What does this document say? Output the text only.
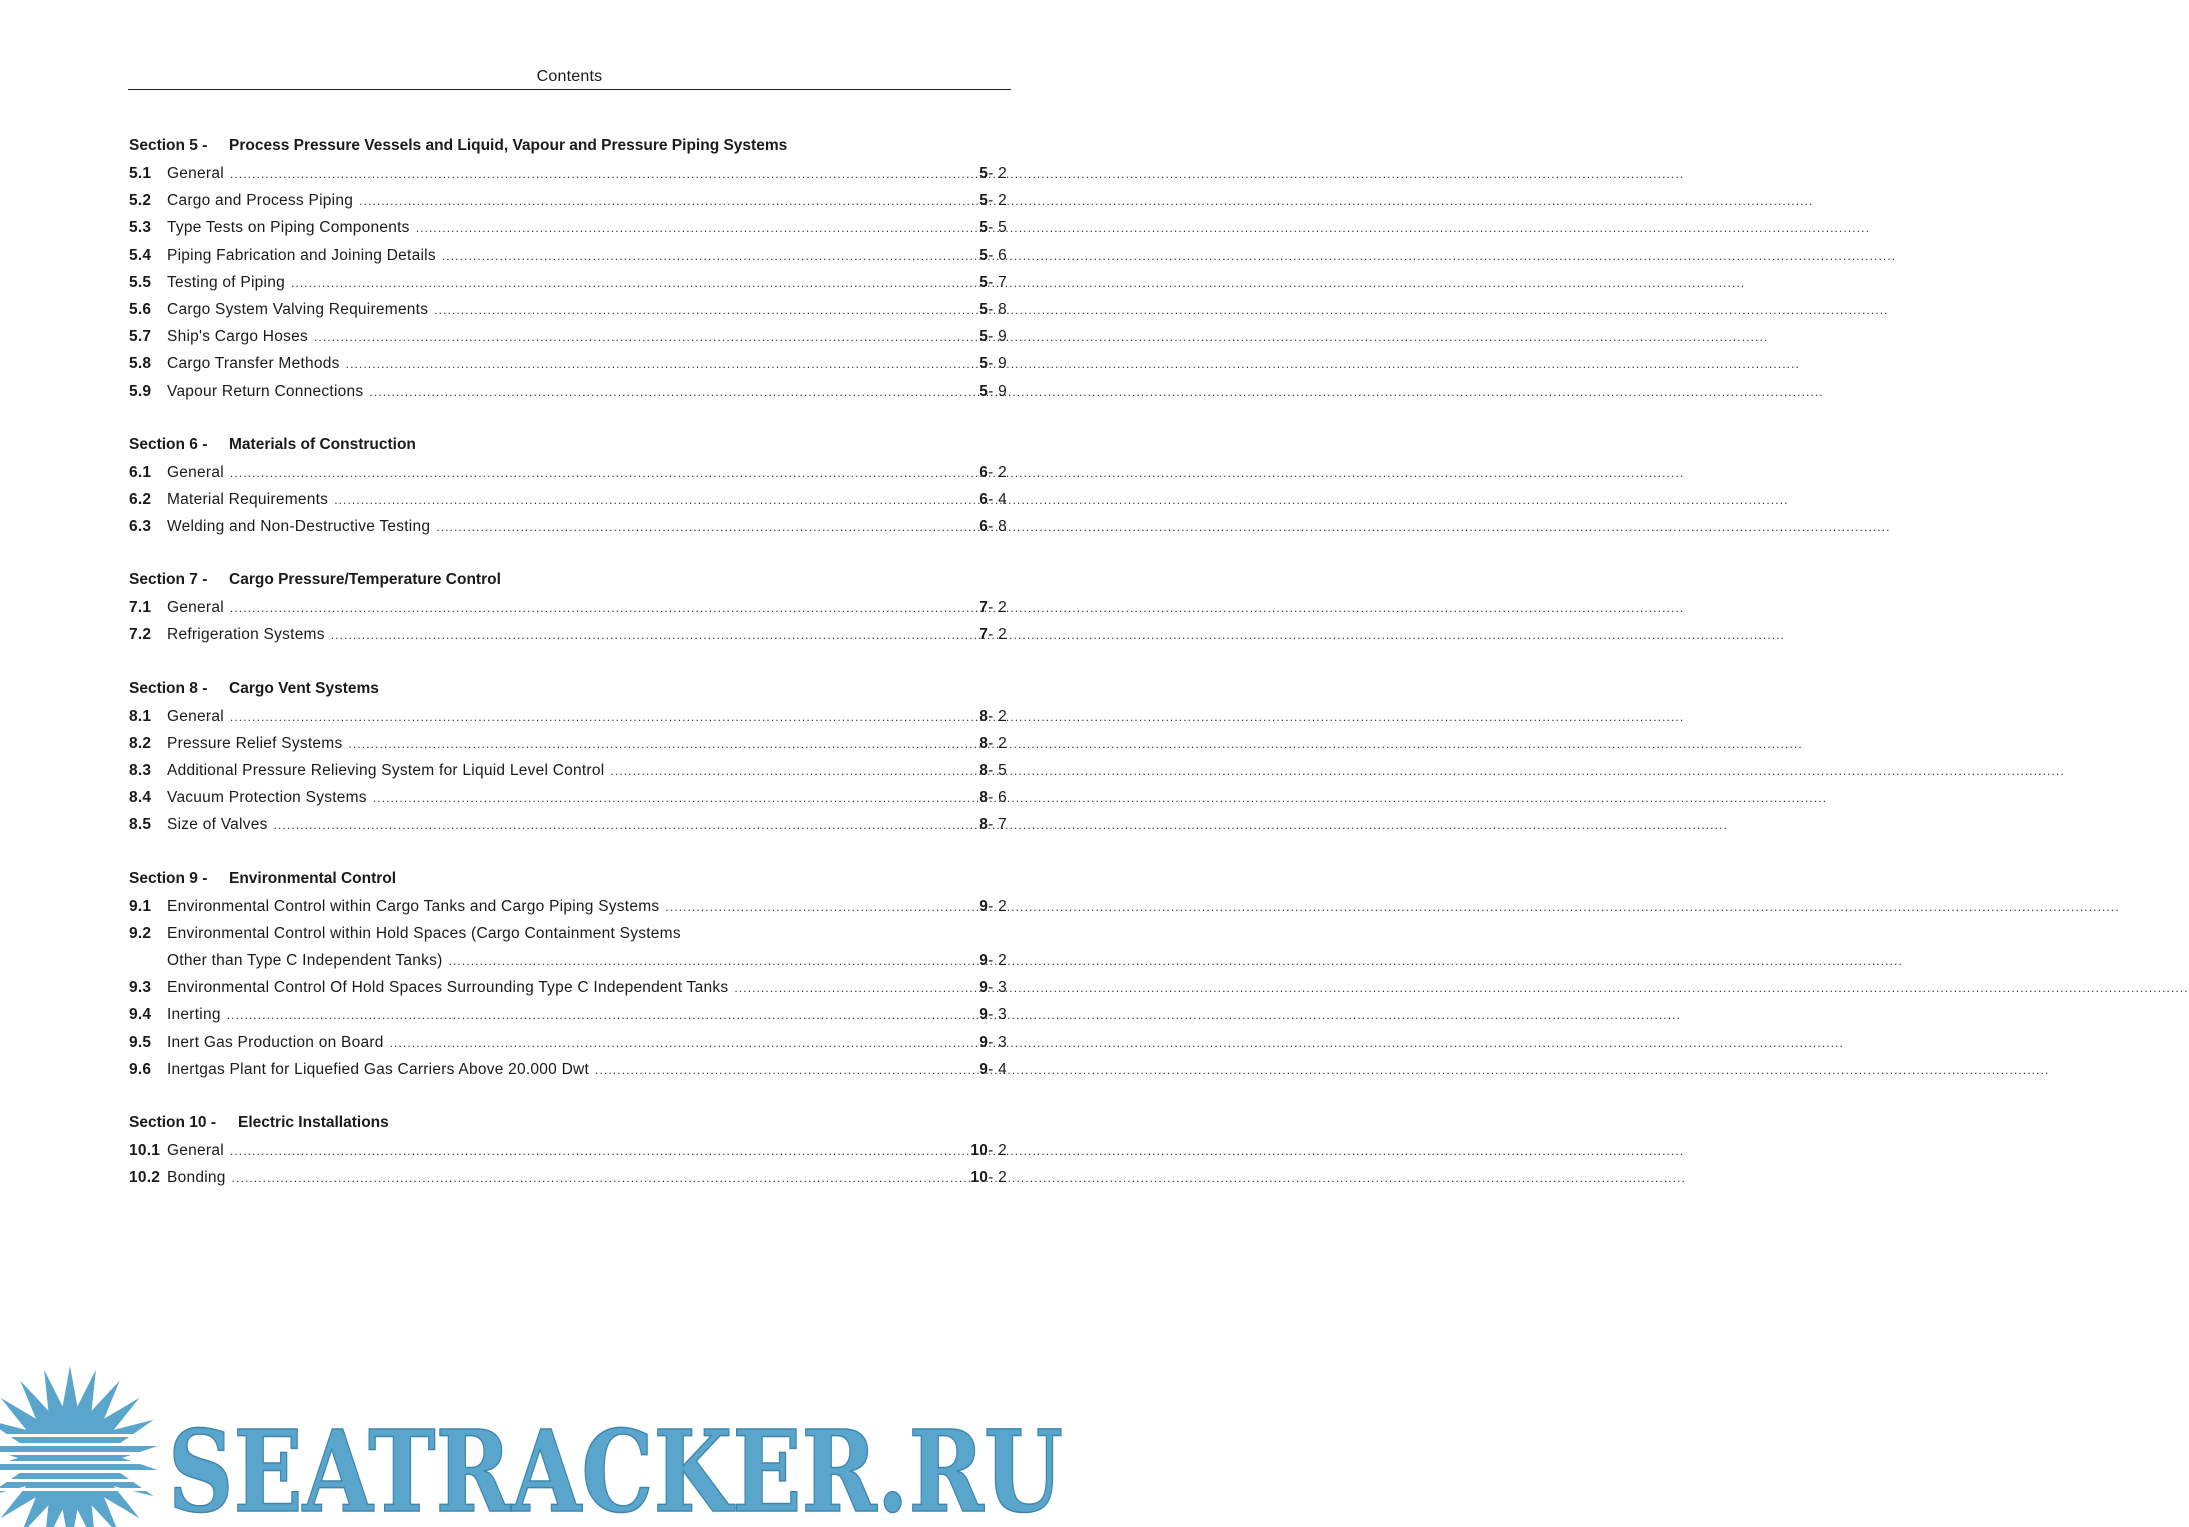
Contents
Section 5 - Process Pressure Vessels and Liquid, Vapour and Pressure Piping Systems
5.1	General .....	5- 2
5.2	Cargo and Process Piping .....	5- 2
5.3	Type Tests on Piping Components .....	5- 5
5.4	Piping Fabrication and Joining Details .....	5- 6
5.5	Testing of Piping .....	5- 7
5.6	Cargo System Valving Requirements .....	5- 8
5.7	Ship's Cargo Hoses .....	5- 9
5.8	Cargo Transfer Methods .....	5- 9
5.9	Vapour Return Connections .....	5- 9
Section 6 - Materials of Construction
6.1	General .....	6- 2
6.2	Material Requirements .....	6- 4
6.3	Welding and Non-Destructive Testing .....	6- 8
Section 7 - Cargo Pressure/Temperature Control
7.1	General .....	7- 2
7.2	Refrigeration Systems .....	7- 2
Section 8 - Cargo Vent Systems
8.1	General .....	8- 2
8.2	Pressure Relief Systems .....	8- 2
8.3	Additional Pressure Relieving System for Liquid Level Control .....	8- 5
8.4	Vacuum Protection Systems .....	8- 6
8.5	Size of Valves .....	8- 7
Section 9 - Environmental Control
9.1	Environmental Control within Cargo Tanks and Cargo Piping Systems .....	9- 2
9.2	Environmental Control within Hold Spaces (Cargo Containment Systems
Other than Type C Independent Tanks) .....	9- 2
9.3	Environmental Control Of Hold Spaces Surrounding Type C Independent Tanks .....	9- 3
9.4	Inerting .....	9- 3
9.5	Inert Gas Production on Board .....	9- 3
9.6	Inertgas Plant for Liquefied Gas Carriers Above 20.000 Dwt .....	9- 4
Section 10 - Electric Installations
10.1 General .....	10- 2
10.2 Bonding .....	10- 2
SEATRACKER.RU
